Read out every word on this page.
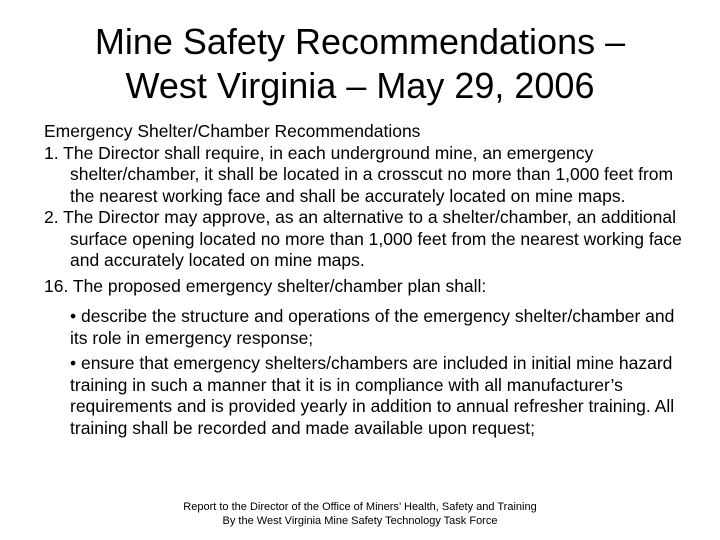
Mine Safety Recommendations –
West Virginia – May 29, 2006

Emergency Shelter/Chamber Recommendations

1. The Director shall require, in each underground mine, an emergency shelter/chamber, it shall be located in a crosscut no more than 1,000 feet from the nearest working face and shall be accurately located on mine maps.

2. The Director may approve, as an alternative to a shelter/chamber, an additional surface opening located no more than 1,000 feet from the nearest working face and accurately located on mine maps.

16. The proposed emergency shelter/chamber plan shall:

• describe the structure and operations of the emergency shelter/chamber and its role in emergency response;

• ensure that emergency shelters/chambers are included in initial mine hazard training in such a manner that it is in compliance with all manufacturer’s requirements and is provided yearly in addition to annual refresher training. All training shall be recorded and made available upon request;

Report to the Director of the Office of Miners’ Health, Safety and Training
By the West Virginia Mine Safety Technology Task Force
